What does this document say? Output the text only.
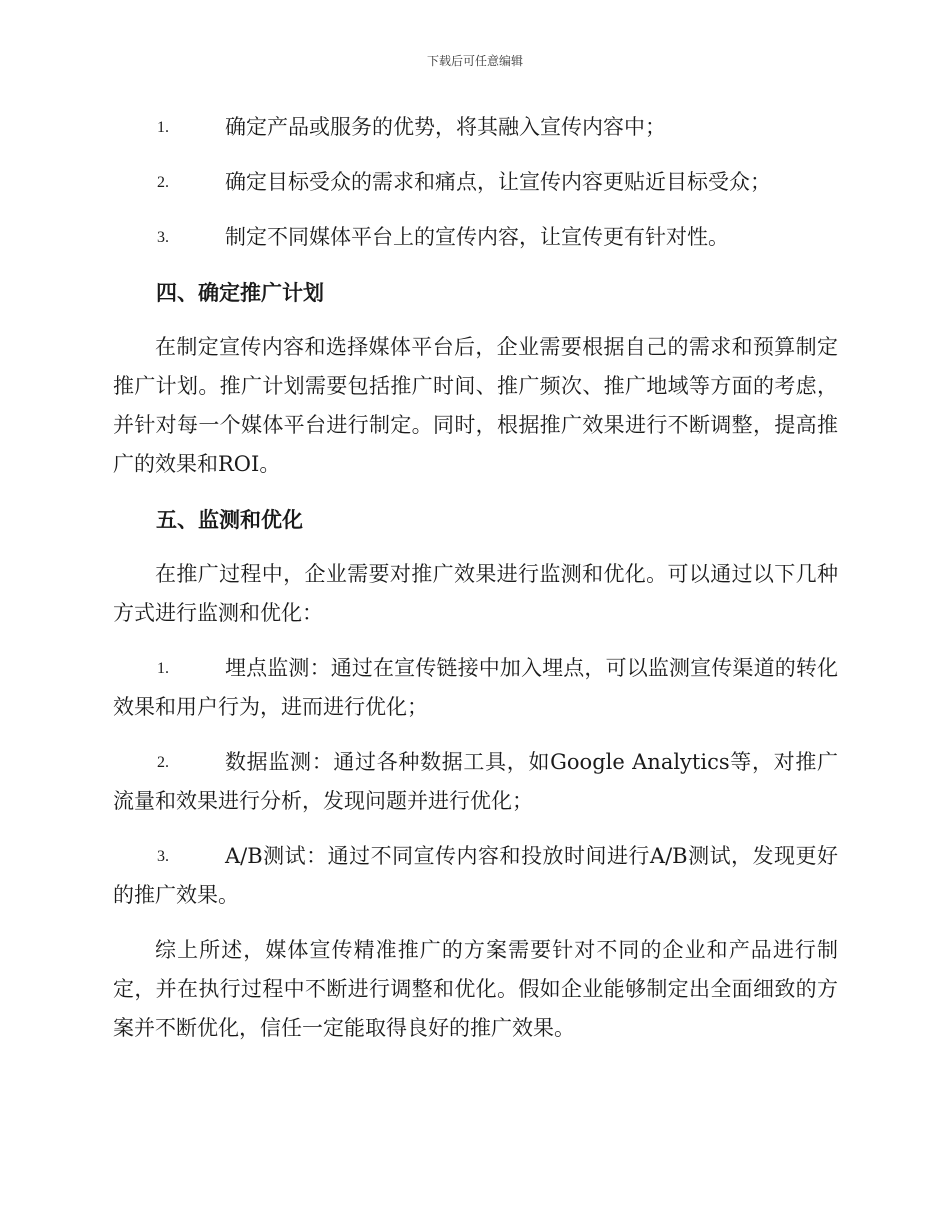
下载后可任意编辑
1.	确定产品或服务的优势，将其融入宣传内容中；
2.	确定目标受众的需求和痛点，让宣传内容更贴近目标受众；
3.	制定不同媒体平台上的宣传内容，让宣传更有针对性。
四、确定推广计划
在制定宣传内容和选择媒体平台后，企业需要根据自己的需求和预算制定推广计划。推广计划需要包括推广时间、推广频次、推广地域等方面的考虑，并针对每一个媒体平台进行制定。同时，根据推广效果进行不断调整，提高推广的效果和ROI。
五、监测和优化
在推广过程中，企业需要对推广效果进行监测和优化。可以通过以下几种方式进行监测和优化：
1.	埋点监测：通过在宣传链接中加入埋点，可以监测宣传渠道的转化效果和用户行为，进而进行优化；
2.	数据监测：通过各种数据工具，如Google Analytics等，对推广流量和效果进行分析，发现问题并进行优化；
3.	A/B测试：通过不同宣传内容和投放时间进行A/B测试，发现更好的推广效果。
综上所述，媒体宣传精准推广的方案需要针对不同的企业和产品进行制定，并在执行过程中不断进行调整和优化。假如企业能够制定出全面细致的方案并不断优化，信任一定能取得良好的推广效果。
